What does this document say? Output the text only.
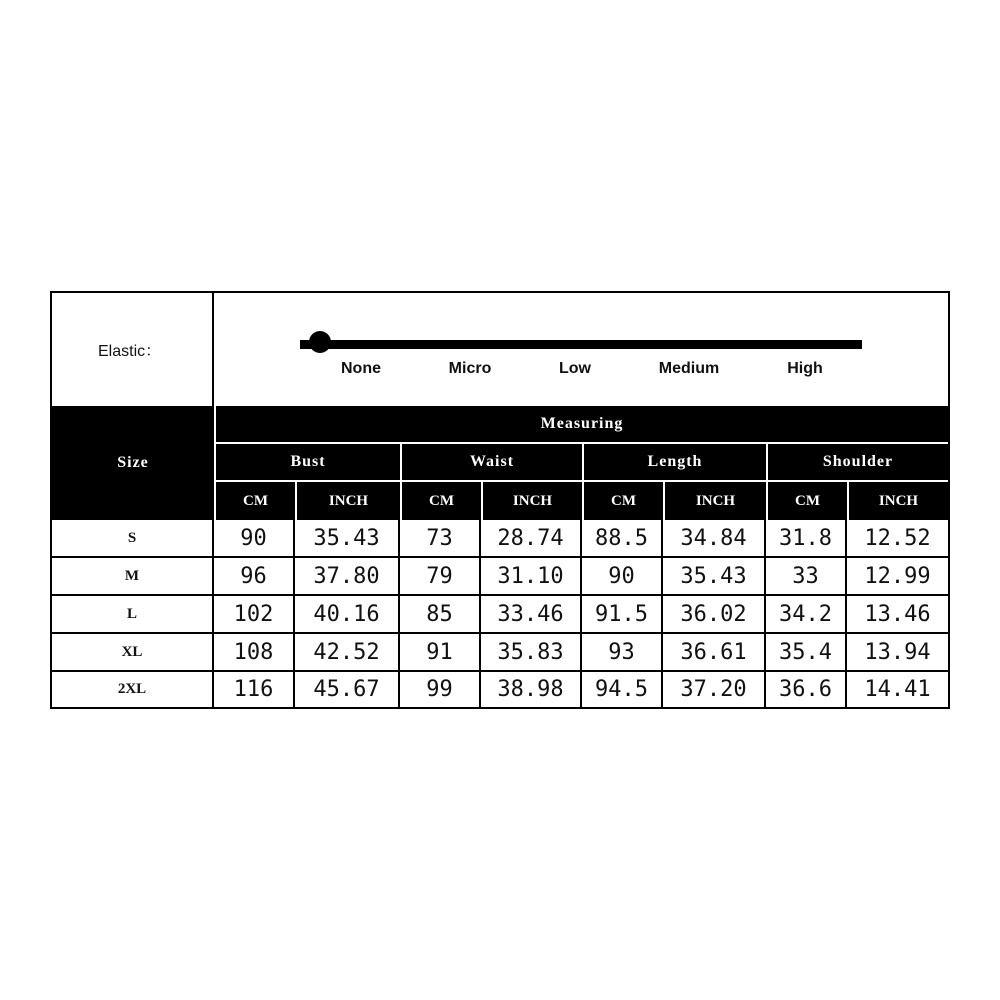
Elastic：
None	Micro	Low	Medium	High
Size
Measuring
Bust	Waist	Length	Shoulder
CM	INCH	CM	INCH	CM	INCH	CM	INCH
S	90	35.43	73	28.74	88.5	34.84	31.8	12.52
M	96	37.80	79	31.10	90	35.43	33	12.99
L	102	40.16	85	33.46	91.5	36.02	34.2	13.46
XL	108	42.52	91	35.83	93	36.61	35.4	13.94
2XL	116	45.67	99	38.98	94.5	37.20	36.6	14.41
